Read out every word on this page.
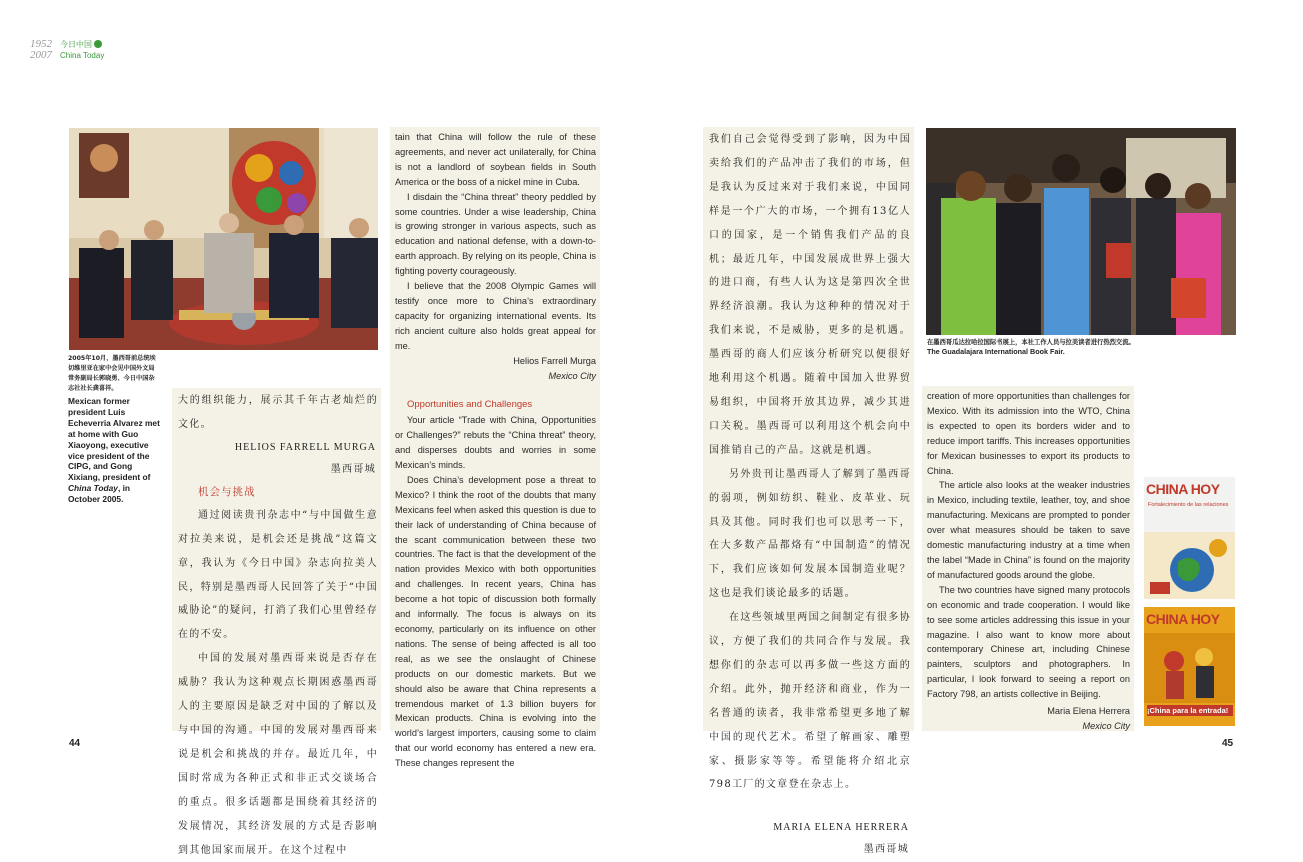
1952
2007
今日中国
China Today
2005年10月，墨西哥前总统埃切维里亚在家中会见中国外文局常务副局长郭晓勇、今日中国杂志社社长龚喜祥。
Mexican former president Luis Echeverria Alvarez met at home with Guo Xiaoyong, executive vice president of the CIPG, and Gong Xixiang, president of China Today, in October 2005.

大的组织能力，展示其千年古老灿烂的文化。

HELIOS FARRELL MURGA
墨西哥城
机会与挑战

通过阅读贵刊杂志中“与中国做生意对拉美来说，是机会还是挑战”这篇文章，我认为《今日中国》杂志向拉美人民，特别是墨西哥人民回答了关于“中国威胁论”的疑问，打消了我们心里曾经存在的不安。

中国的发展对墨西哥来说是否存在威胁？我认为这种观点长期困惑墨西哥人的主要原因是缺乏对中国的了解以及与中国的沟通。中国的发展对墨西哥来说是机会和挑战的并存。最近几年，中国时常成为各种正式和非正式交谈场合的重点。很多话题都是围绕着其经济的发展情况，其经济发展的方式是否影响到其他国家而展开。在这个过程中

tain that China will follow the rule of these agreements, and never act unilaterally, for China is not a landlord of soybean fields in South America or the boss of a nickel mine in Cuba.

I disdain the “China threat” theory peddled by some countries. Under a wise leadership, China is growing stronger in various aspects, such as education and national defense, with a down-to-earth approach. By relying on its people, China is fighting poverty courageously.

I believe that the 2008 Olympic Games will testify once more to China’s extraordinary capacity for organizing international events. Its rich ancient culture also holds great appeal for me.

Helios Farrell Murga
Mexico City
Opportunities and Challenges

Your article “Trade with China, Opportunities or Challenges?” rebuts the “China threat” theory, and disperses doubts and worries in some Mexican’s minds.

Does China’s development pose a threat to Mexico? I think the root of the doubts that many Mexicans feel when asked this question is due to their lack of understanding of China because of the scant communication between these two countries. The fact is that the development of the nation provides Mexico with both opportunities and challenges. In recent years, China has become a hot topic of discussion both formally and informally. The focus is always on its economy, particularly on its influence on other nations. The sense of being affected is all too real, as we see the onslaught of Chinese products on our domestic markets. But we should also be aware that China represents a tremendous market of 1.3 billion buyers for Mexican products. China is evolving into the world’s largest importers, causing some to claim that our world economy has entered a new era. These changes represent the

我们自己会觉得受到了影响，因为中国卖给我们的产品冲击了我们的市场，但是我认为反过来对于我们来说，中国同样是一个广大的市场，一个拥有13亿人口的国家，是一个销售我们产品的良机；最近几年，中国发展成世界上强大的进口商，有些人认为这是第四次全世界经济浪潮。我认为这种种的情况对于我们来说，不是威胁，更多的是机遇。墨西哥的商人们应该分析研究以便很好地利用这个机遇。随着中国加入世界贸易组织，中国将开放其边界，减少其进口关税。墨西哥可以利用这个机会向中国推销自己的产品。这就是机遇。

另外贵刊让墨西哥人了解到了墨西哥的弱项，例如纺织、鞋业、皮革业、玩具及其他。同时我们也可以思考一下，在大多数产品都烙有“中国制造”的情况下，我们应该如何发展本国制造业呢？这也是我们谈论最多的话题。

在这些领域里两国之间制定有很多协议，方便了我们的共同合作与发展。我想你们的杂志可以再多做一些这方面的介绍。此外，抛开经济和商业，作为一名普通的读者，我非常希望更多地了解中国的现代艺术。希望了解画家、雕塑家、摄影家等等。希望能将介绍北京798工厂的文章登在杂志上。

MARIA ELENA HERRERA
墨西哥城
在墨西哥瓜达拉哈拉国际书展上，本社工作人员与拉美读者进行热烈交流。
The Guadalajara International Book Fair.

creation of more opportunities than challenges for Mexico. With its admission into the WTO, China is expected to open its borders wider and to reduce import tariffs. This increases opportunities for Mexican businesses to export its products to China.

The article also looks at the weaker industries in Mexico, including textile, leather, toy, and shoe manufacturing. Mexicans are prompted to ponder over what measures should be taken to save domestic manufacturing industry at a time when the label “Made in China” is found on the majority of manufactured goods around the globe.

The two countries have signed many protocols on economic and trade cooperation. I would like to see some articles addressing this issue in your magazine. I also want to know more about contemporary Chinese art, including Chinese painters, sculptors and photographers. In particular, I look forward to seeing a report on Factory 798, an artists collective in Beijing.

Maria Elena Herrera
Mexico City
CHINA HOY
Fortalecimiento de las relaciones
CHINA HOY
¡China para la entrada!
44	45
